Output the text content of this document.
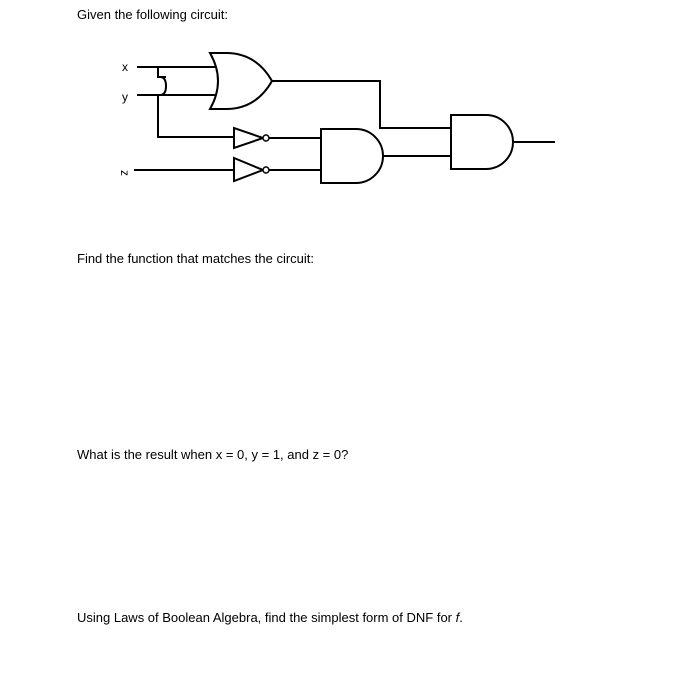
Given the following circuit:
x
y
z
Find the function that matches the circuit:
What is the result when x = 0, y = 1, and z = 0?
Using Laws of Boolean Algebra, find the simplest form of DNF for f.
